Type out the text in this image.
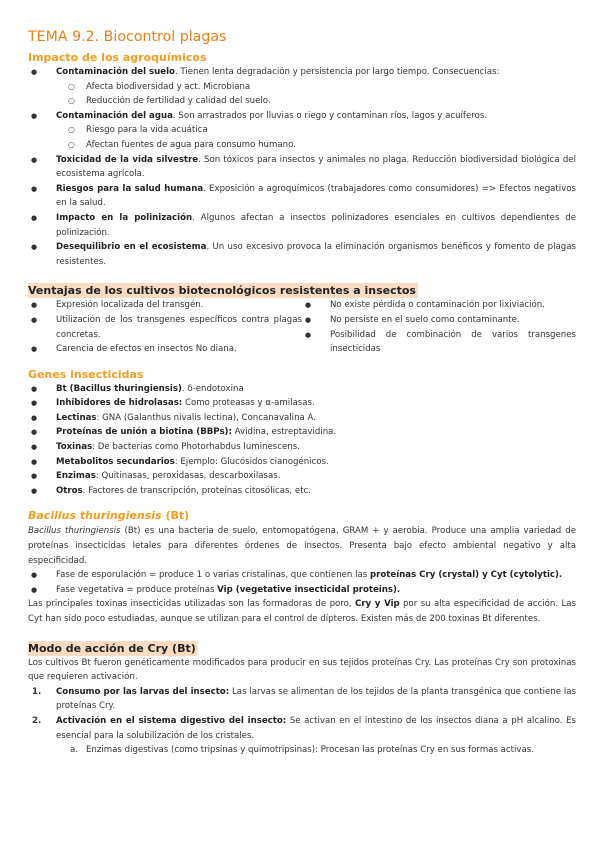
TEMA 9.2. Biocontrol plagas
Impacto de los agroquímicos
● Contaminación del suelo. Tienen lenta degradación y persistencia por largo tiempo. Consecuencias:
○ Afecta biodiversidad y act. Microbiana
○ Reducción de fertilidad y calidad del suelo.
● Contaminación del agua. Son arrastrados por lluvias o riego y contaminan ríos, lagos y acuíferos.
○ Riesgo para la vida acuática
○ Afectan fuentes de agua para consumo humano.
● Toxicidad de la vida silvestre. Son tóxicos para insectos y animales no plaga. Reducción biodiversidad biológica del ecosistema agrícola.
● Riesgos para la salud humana. Exposición a agroquímicos (trabajadores como consumidores) => Efectos negativos en la salud.
● Impacto en la polinización. Algunos afectan a insectos polinizadores esenciales en cultivos dependientes de polinización.
● Desequilibrio en el ecosistema. Un uso excesivo provoca la eliminación organismos benéficos y fomento de plagas resistentes.
Ventajas de los cultivos biotecnológicos resistentes a insectos
● Expresión localizada del transgén.
● Utilización de los transgenes específicos contra plagas concretas.
● Carencia de efectos en insectos No diana.
● No existe pérdida o contaminación por lixiviación.
● No persiste en el suelo como contaminante.
● Posibilidad de combinación de varios transgenes insecticidas
Genes insecticidas
● Bt (Bacillus thuringiensis). δ-endotoxina
● Inhibidores de hidrolasas: Como proteasas y α-amilasas.
● Lectinas: GNA (Galanthus nivalis lectina), Concanavalina A.
● Proteínas de unión a biotina (BBPs): Avidina, estreptavidina.
● Toxinas: De bacterias como Photorhabdus luminescens.
● Metabolitos secundarios: Ejemplo: Glucósidos cianogénicos.
● Enzimas: Quitinasas, peroxidasas, descarboxilasas.
● Otros. Factores de transcripción, proteínas citosólicas, etc.
Bacillus thuringiensis (Bt)

Bacillus thuringiensis (Bt) es una bacteria de suelo, entomopatógena, GRAM + y aerobia. Produce una amplia variedad de proteínas insecticidas letales para diferentes órdenes de insectos. Presenta bajo efecto ambiental negativo y alta especificidad.

● Fase de esporulación = produce 1 o varias cristalinas, que contienen las proteínas Cry (crystal) y Cyt (cytolytic).
● Fase vegetativa = produce proteínas Vip (vegetative insecticidal proteins).

Las principales toxinas insecticidas utilizadas son las formadoras de poro, Cry y Vip por su alta especificidad de acción. Las Cyt han sido poco estudiadas, aunque se utilizan para el control de dípteros. Existen más de 200 toxinas Bt diferentes.

Modo de acción de Cry (Bt)

Los cultivos Bt fueron genéticamente modificados para producir en sus tejidos proteínas Cry. Las proteínas Cry son protoxinas que requieren activación.

1. Consumo por las larvas del insecto: Las larvas se alimentan de los tejidos de la planta transgénica que contiene las proteínas Cry.
2. Activación en el sistema digestivo del insecto: Se activan en el intestino de los insectos diana a pH alcalino. Es esencial para la solubilización de los cristales.
a. Enzimas digestivas (como tripsinas y quimotripsinas): Procesan las proteínas Cry en sus formas activas.
